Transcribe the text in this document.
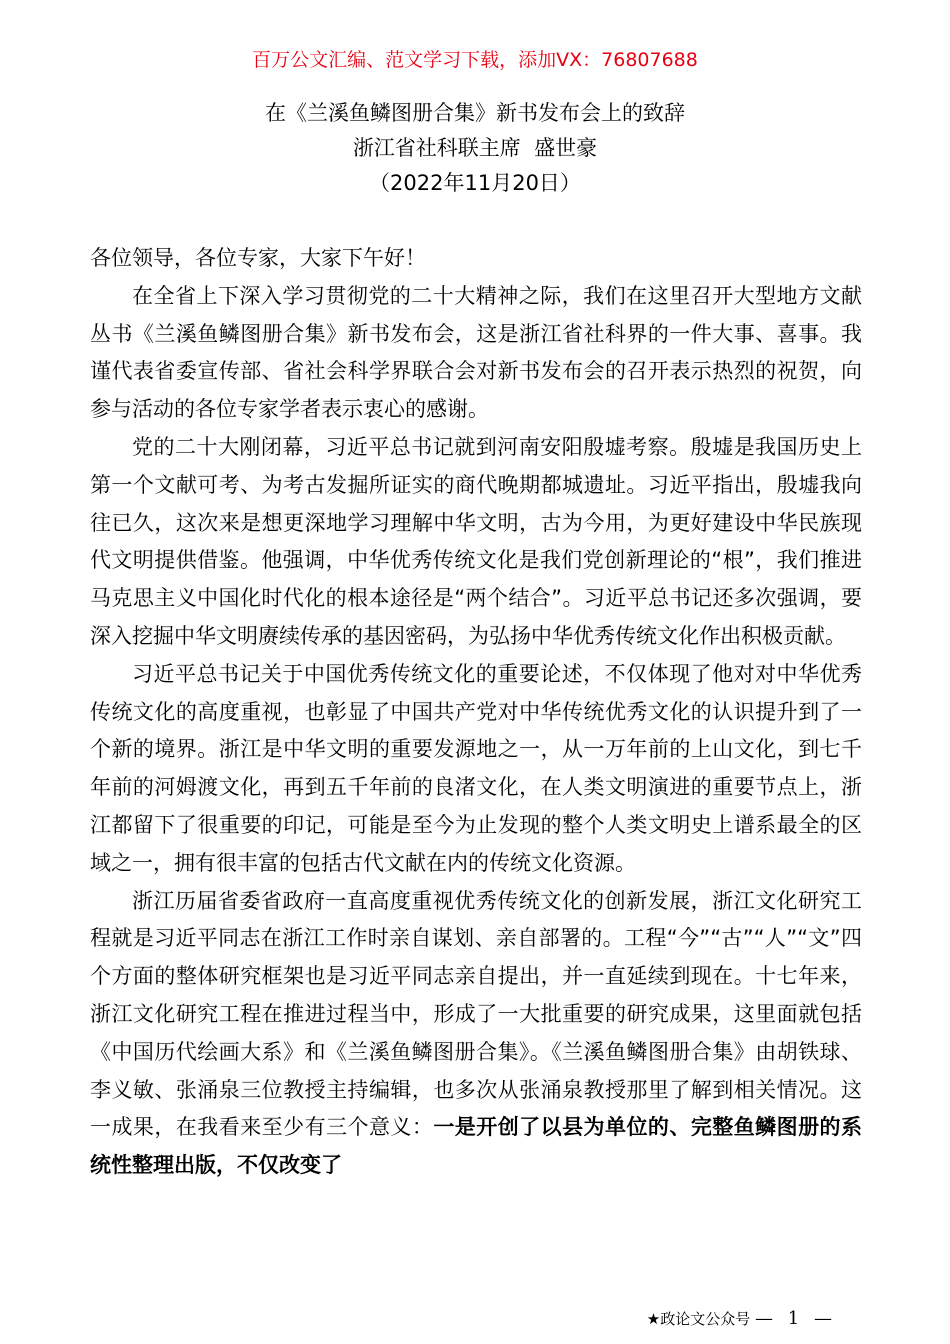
百万公文汇编、范文学习下载，添加VX：76807688
在《兰溪鱼鳞图册合集》新书发布会上的致辞
浙江省社科联主席  盛世豪
（2022年11月20日）

各位领导，各位专家，大家下午好！

在全省上下深入学习贯彻党的二十大精神之际，我们在这里召开大型地方文献丛书《兰溪鱼鳞图册合集》新书发布会，这是浙江省社科界的一件大事、喜事。我谨代表省委宣传部、省社会科学界联合会对新书发布会的召开表示热烈的祝贺，向参与活动的各位专家学者表示衷心的感谢。

党的二十大刚闭幕，习近平总书记就到河南安阳殷墟考察。殷墟是我国历史上第一个文献可考、为考古发掘所证实的商代晚期都城遗址。习近平指出，殷墟我向往已久，这次来是想更深地学习理解中华文明，古为今用，为更好建设中华民族现代文明提供借鉴。他强调，中华优秀传统文化是我们党创新理论的“根”，我们推进马克思主义中国化时代化的根本途径是“两个结合”。习近平总书记还多次强调，要深入挖掘中华文明赓续传承的基因密码，为弘扬中华优秀传统文化作出积极贡献。

习近平总书记关于中国优秀传统文化的重要论述，不仅体现了他对对中华优秀传统文化的高度重视，也彰显了中国共产党对中华传统优秀文化的认识提升到了一个新的境界。浙江是中华文明的重要发源地之一，从一万年前的上山文化，到七千年前的河姆渡文化，再到五千年前的良渚文化，在人类文明演进的重要节点上，浙江都留下了很重要的印记，可能是至今为止发现的整个人类文明史上谱系最全的区域之一，拥有很丰富的包括古代文献在内的传统文化资源。

浙江历届省委省政府一直高度重视优秀传统文化的创新发展，浙江文化研究工程就是习近平同志在浙江工作时亲自谋划、亲自部署的。工程“今”“古”“人”“文”四个方面的整体研究框架也是习近平同志亲自提出，并一直延续到现在。十七年来，浙江文化研究工程在推进过程当中，形成了一大批重要的研究成果，这里面就包括《中国历代绘画大系》和《兰溪鱼鳞图册合集》。《兰溪鱼鳞图册合集》由胡铁球、李义敏、张涌泉三位教授主持编辑，也多次从张涌泉教授那里了解到相关情况。这一成果，在我看来至少有三个意义：一是开创了以县为单位的、完整鱼鳞图册的系统性整理出版，不仅改变了

★政论文公众号 — 1 —
